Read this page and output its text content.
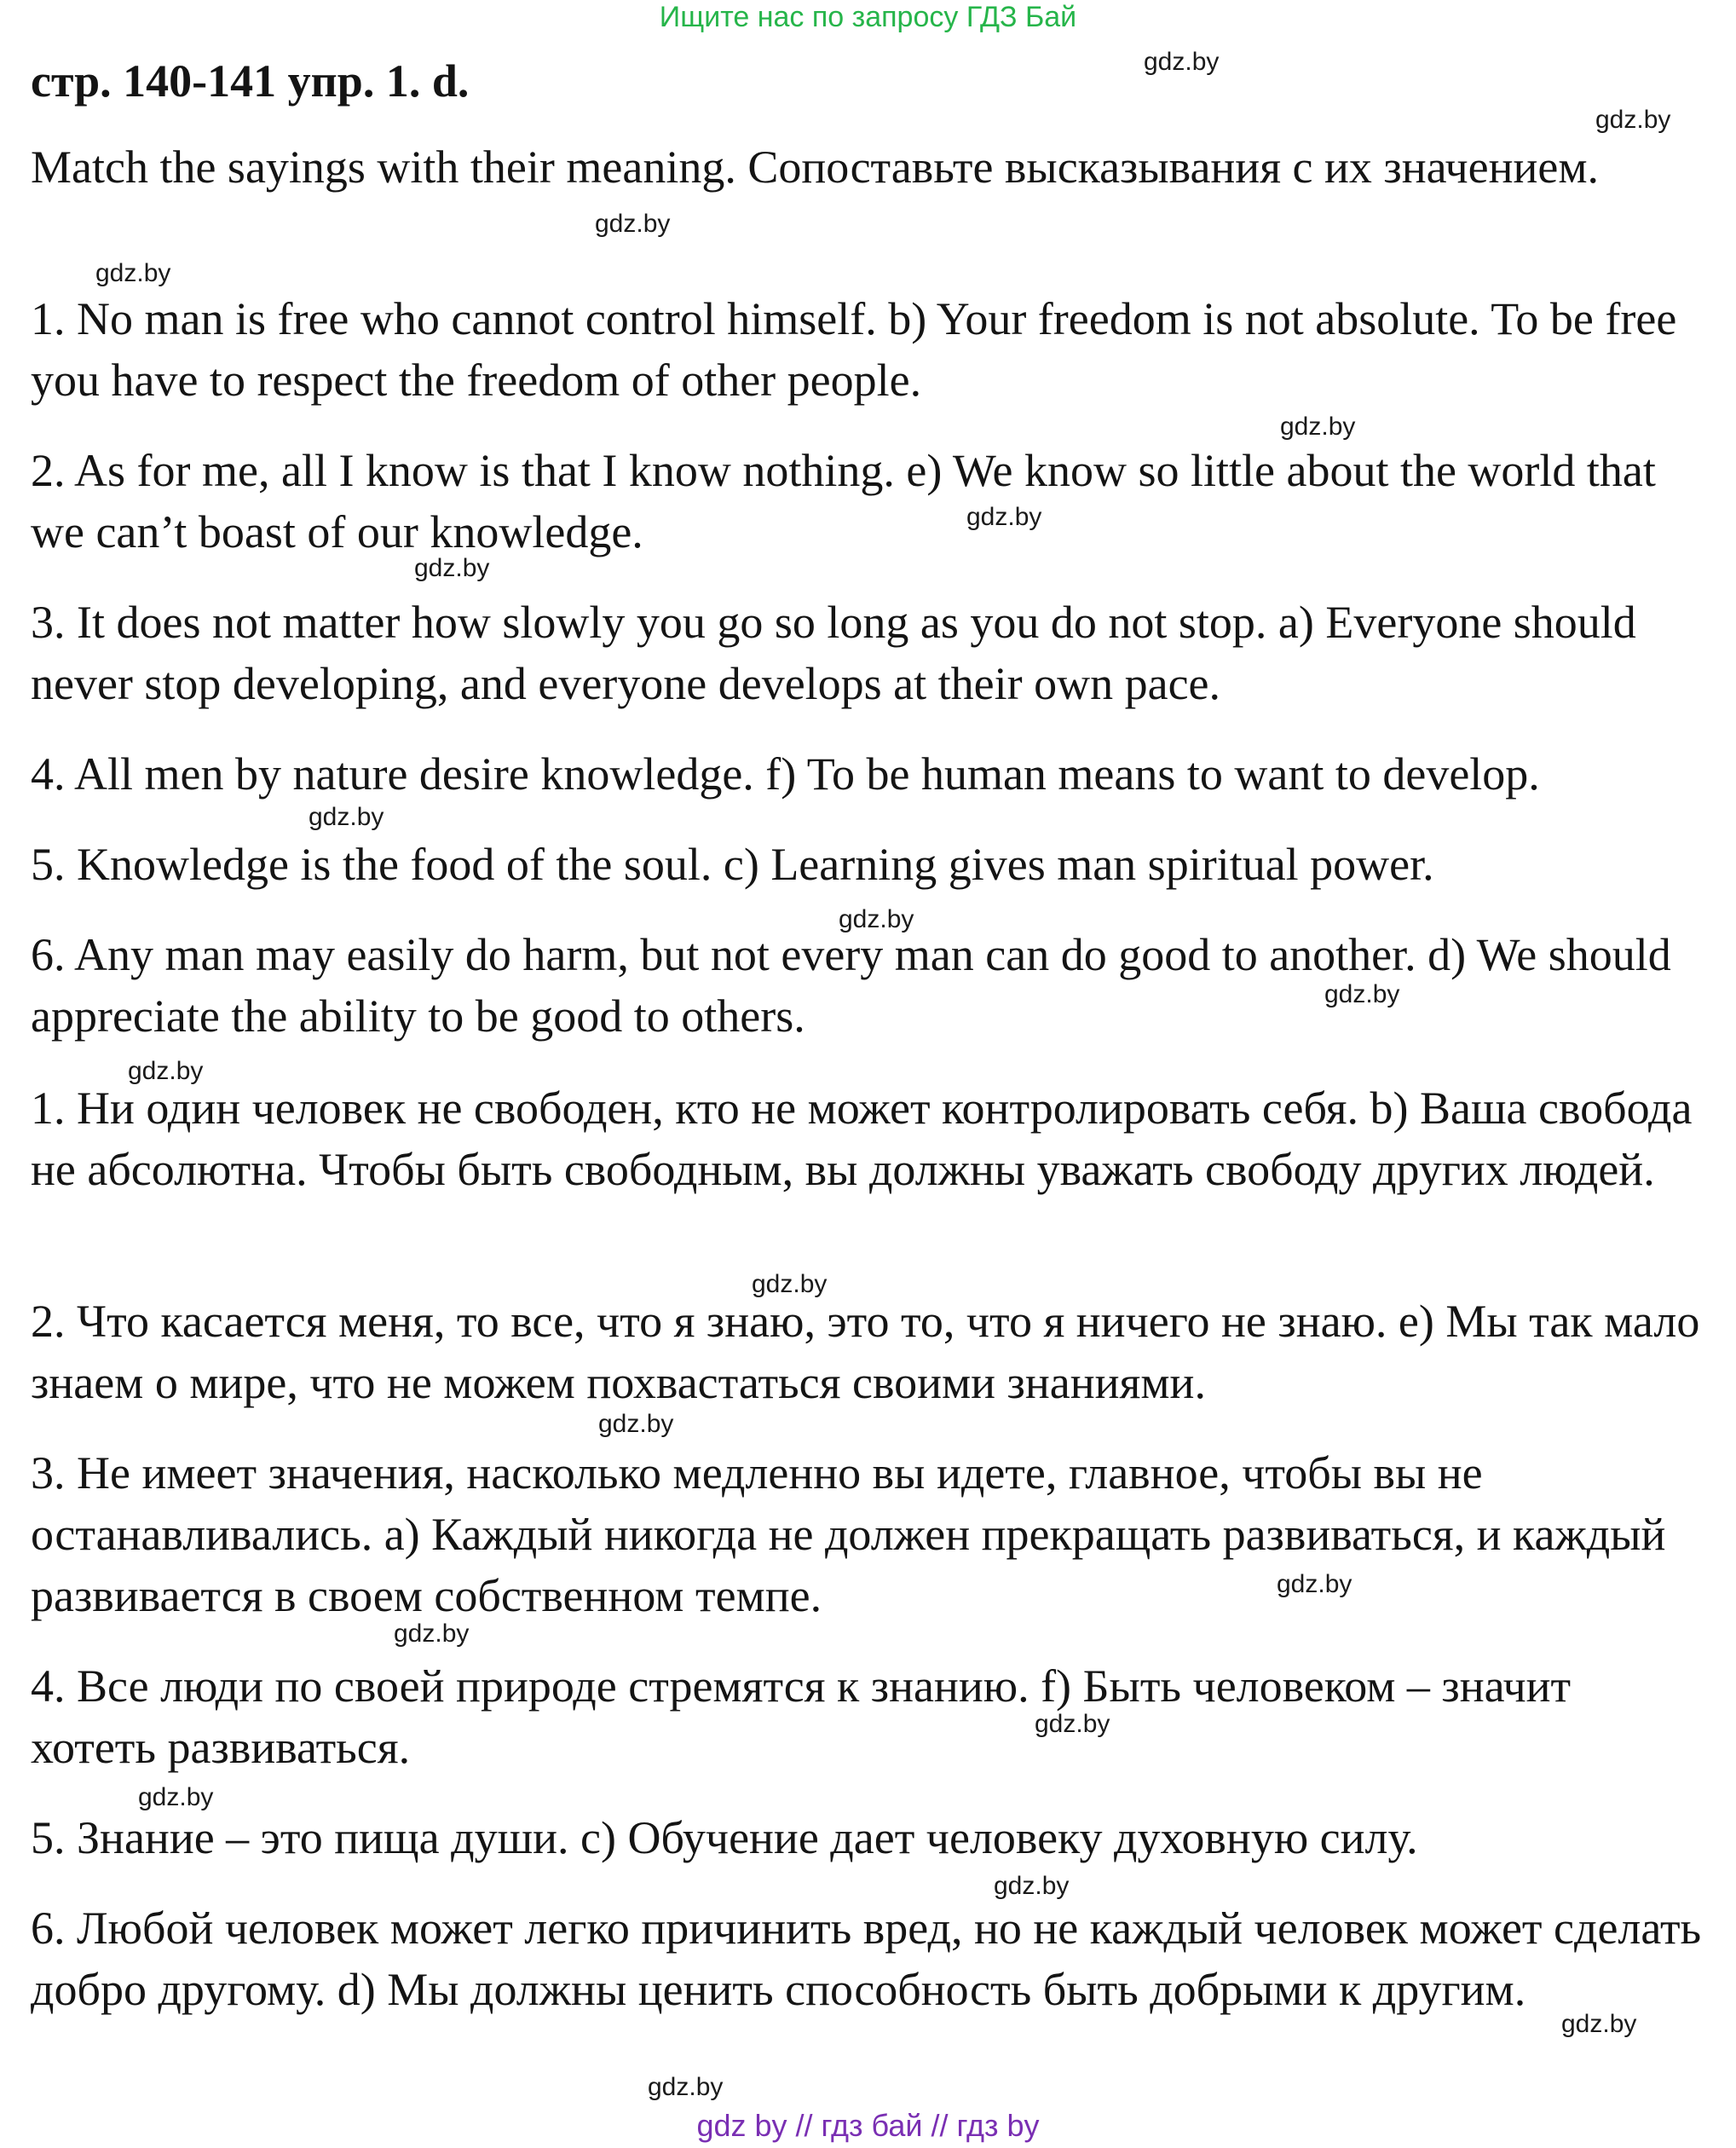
Ищите нас по запросу ГДЗ Бай
стр. 140-141 упр. 1. d.

Match the sayings with their meaning. Сопоставьте высказывания с их значением.

1. No man is free who cannot control himself. b) Your freedom is not absolute. To be free you have to respect the freedom of other people.

2. As for me, all I know is that I know nothing. e) We know so little about the world that we can’t boast of our knowledge.

3. It does not matter how slowly you go so long as you do not stop. a) Everyone should never stop developing, and everyone develops at their own pace.

4. All men by nature desire knowledge. f) To be human means to want to develop.

5. Knowledge is the food of the soul. c) Learning gives man spiritual power.

6. Any man may easily do harm, but not every man can do good to another. d) We should appreciate the ability to be good to others.

1. Ни один человек не свободен, кто не может контролировать себя. b) Ваша свобода не абсолютна. Чтобы быть свободным, вы должны уважать свободу других людей.

2. Что касается меня, то все, что я знаю, это то, что я ничего не знаю. e) Мы так мало знаем о мире, что не можем похвастаться своими знаниями.

3. Не имеет значения, насколько медленно вы идете, главное, чтобы вы не останавливались. a) Каждый никогда не должен прекращать развиваться, и каждый развивается в своем собственном темпе.

4. Все люди по своей природе стремятся к знанию. f) Быть человеком – значит хотеть развиваться.

5. Знание – это пища души. c) Обучение дает человеку духовную силу.

6. Любой человек может легко причинить вред, но не каждый человек может сделать добро другому. d) Мы должны ценить способность быть добрыми к другим.

gdz.by
gdz.by
gdz.by
gdz.by
gdz.by
gdz.by
gdz.by
gdz.by
gdz.by
gdz.by
gdz.by
gdz.by
gdz.by
gdz.by
gdz.by
gdz.by
gdz.by
gdz.by
gdz.by
gdz.by
gdz by // гдз бай // гдз by
